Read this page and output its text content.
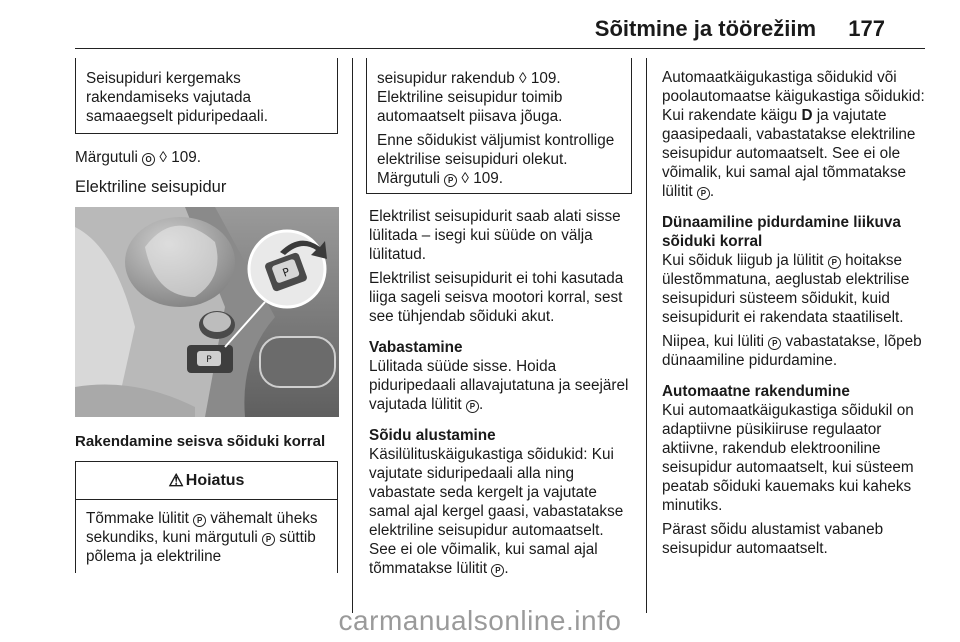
Sõitmine ja töörežiim 177

Seisupiduri kergemaks rakendamiseks vajutada samaaegselt piduripedaali.

Märgutuli O ◊ 109.

Elektriline seisupidur

P
P

Rakendamine seisva sõiduki korral

⚠ Hoiatus

Tõmmake lülitit P vähemalt üheks sekundiks, kuni märgutuli P süttib põlema ja elektriline

seisupidur rakendub ◊ 109.

Elektriline seisupidur toimib automaatselt piisava jõuga.

Enne sõidukist väljumist kontrollige elektrilise seisupiduri olekut. Märgutuli P ◊ 109.

Elektrilist seisupidurit saab alati sisse lülitada – isegi kui süüde on välja lülitatud.

Elektrilist seisupidurit ei tohi kasutada liiga sageli seisva mootori korral, sest see tühjendab sõiduki akut.

Vabastamine

Lülitada süüde sisse. Hoida piduripedaali allavajutatuna ja seejärel vajutada lülitit P .

Sõidu alustamine

Käsilülituskäigukastiga sõidukid: Kui vajutate siduripedaali alla ning vabastate seda kergelt ja vajutate samal ajal kergel gaasi, vabastatakse elektriline seisupidur automaatselt. See ei ole võimalik, kui samal ajal tõmmatakse lülitit P .

Automaatkäigukastiga sõidukid või poolautomaatse käigukastiga sõidukid: Kui rakendate käigu D ja vajutate gaasipedaali, vabastatakse elektriline seisupidur automaatselt. See ei ole võimalik, kui samal ajal tõmmatakse lülitit P .

Dünaamiline pidurdamine liikuva sõiduki korral

Kui sõiduk liigub ja lülitit P hoitakse ülestõmmatuna, aeglustab elektrilise seisupiduri süsteem sõidukit, kuid seisupidurit ei rakendata staatiliselt.

Niipea, kui lüliti P vabastatakse, lõpeb dünaamiline pidurdamine.

Automaatne rakendumine

Kui automaatkäigukastiga sõidukil on adaptiivne püsikiiruse regulaator aktiivne, rakendub elektrooniline seisupidur automaatselt, kui süsteem peatab sõiduki kauemaks kui kaheks minutiks.

Pärast sõidu alustamist vabaneb seisupidur automaatselt.

carmanualsonline.info
